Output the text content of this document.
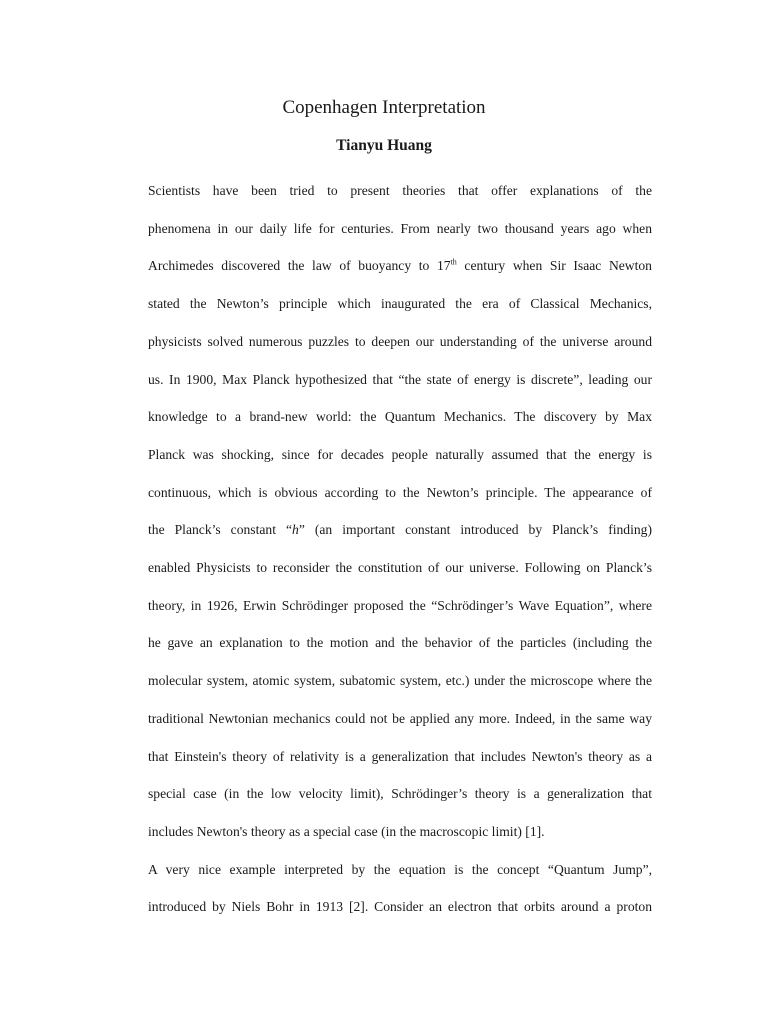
Copenhagen Interpretation
Tianyu Huang

Scientists have been tried to present theories that offer explanations of the
phenomena in our daily life for centuries. From nearly two thousand years ago when
Archimedes discovered the law of buoyancy to 17th century when Sir Isaac Newton
stated the Newton’s principle which inaugurated the era of Classical Mechanics,
physicists solved numerous puzzles to deepen our understanding of the universe around
us. In 1900, Max Planck hypothesized that “the state of energy is discrete”, leading our
knowledge to a brand-new world: the Quantum Mechanics. The discovery by Max
Planck was shocking, since for decades people naturally assumed that the energy is
continuous, which is obvious according to the Newton’s principle. The appearance of
the Planck’s constant “h” (an important constant introduced by Planck’s finding)
enabled Physicists to reconsider the constitution of our universe. Following on Planck’s
theory, in 1926, Erwin Schrödinger proposed the “Schrödinger’s Wave Equation”, where
he gave an explanation to the motion and the behavior of the particles (including the
molecular system, atomic system, subatomic system, etc.) under the microscope where the
traditional Newtonian mechanics could not be applied any more. Indeed, in the same way
that Einstein's theory of relativity is a generalization that includes Newton's theory as a
special case (in the low velocity limit), Schrödinger’s theory is a generalization that
includes Newton's theory as a special case (in the macroscopic limit) [1].

A very nice example interpreted by the equation is the concept “Quantum Jump”,
introduced by Niels Bohr in 1913 [2]. Consider an electron that orbits around a proton
